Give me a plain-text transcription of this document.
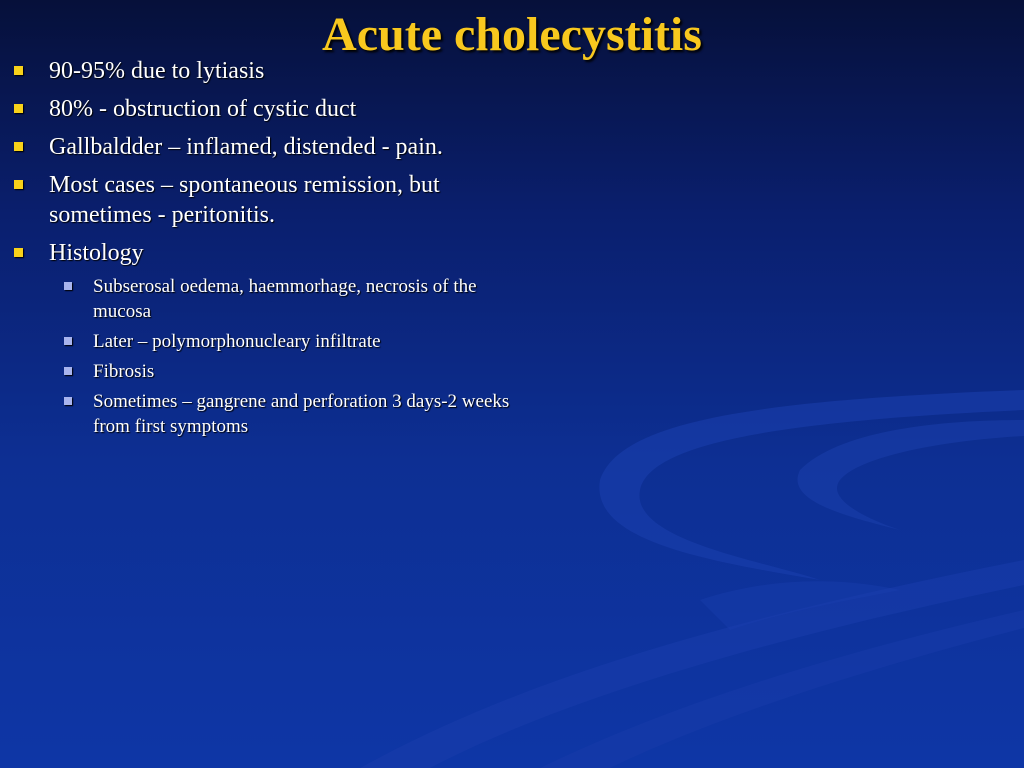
Acute cholecystitis
90-95% due to lytiasis
80% - obstruction of cystic duct
Gallbaldder – inflamed, distended - pain.
Most cases – spontaneous remission, but sometimes - peritonitis.
Histology
Subserosal oedema, haemmorhage, necrosis of the mucosa
Later – polymorphonucleary infiltrate
Fibrosis
Sometimes – gangrene and perforation 3 days-2 weeks from first symptoms
